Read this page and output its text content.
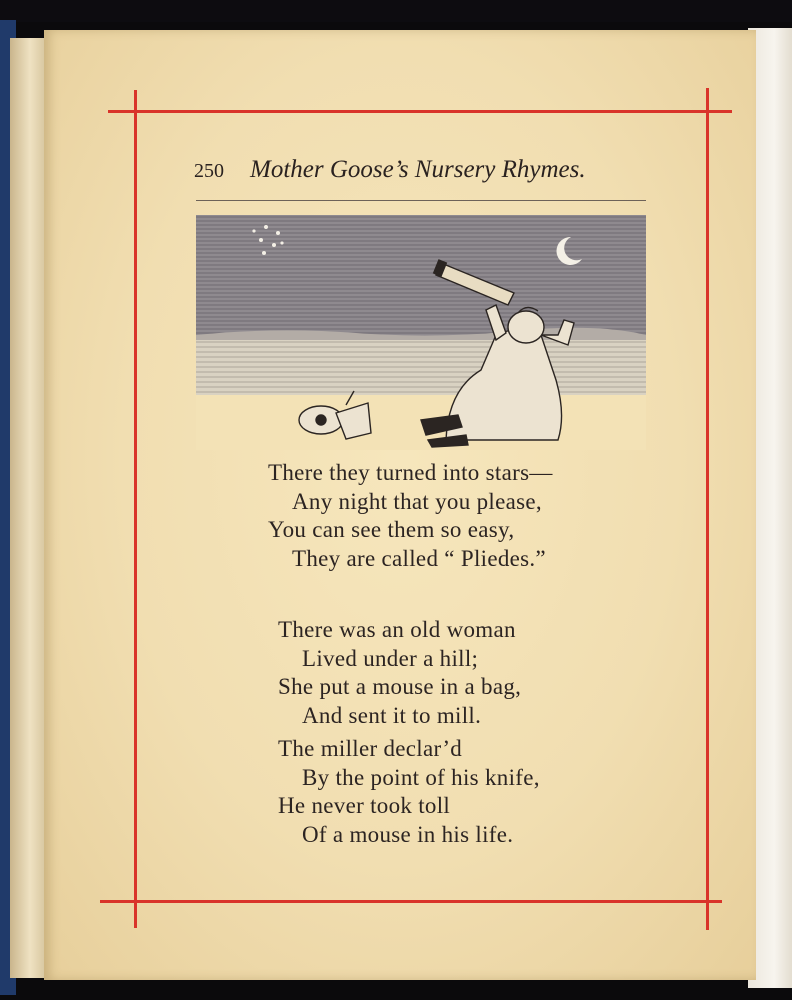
250 Mother Goose’s Nursery Rhymes.
There they turned into stars—
Any night that you please,
You can see them so easy,
They are called “ Pliedes.”
There was an old woman
Lived under a hill;
She put a mouse in a bag,
And sent it to mill.
The miller declar’d
By the point of his knife,
He never took toll
Of a mouse in his life.
